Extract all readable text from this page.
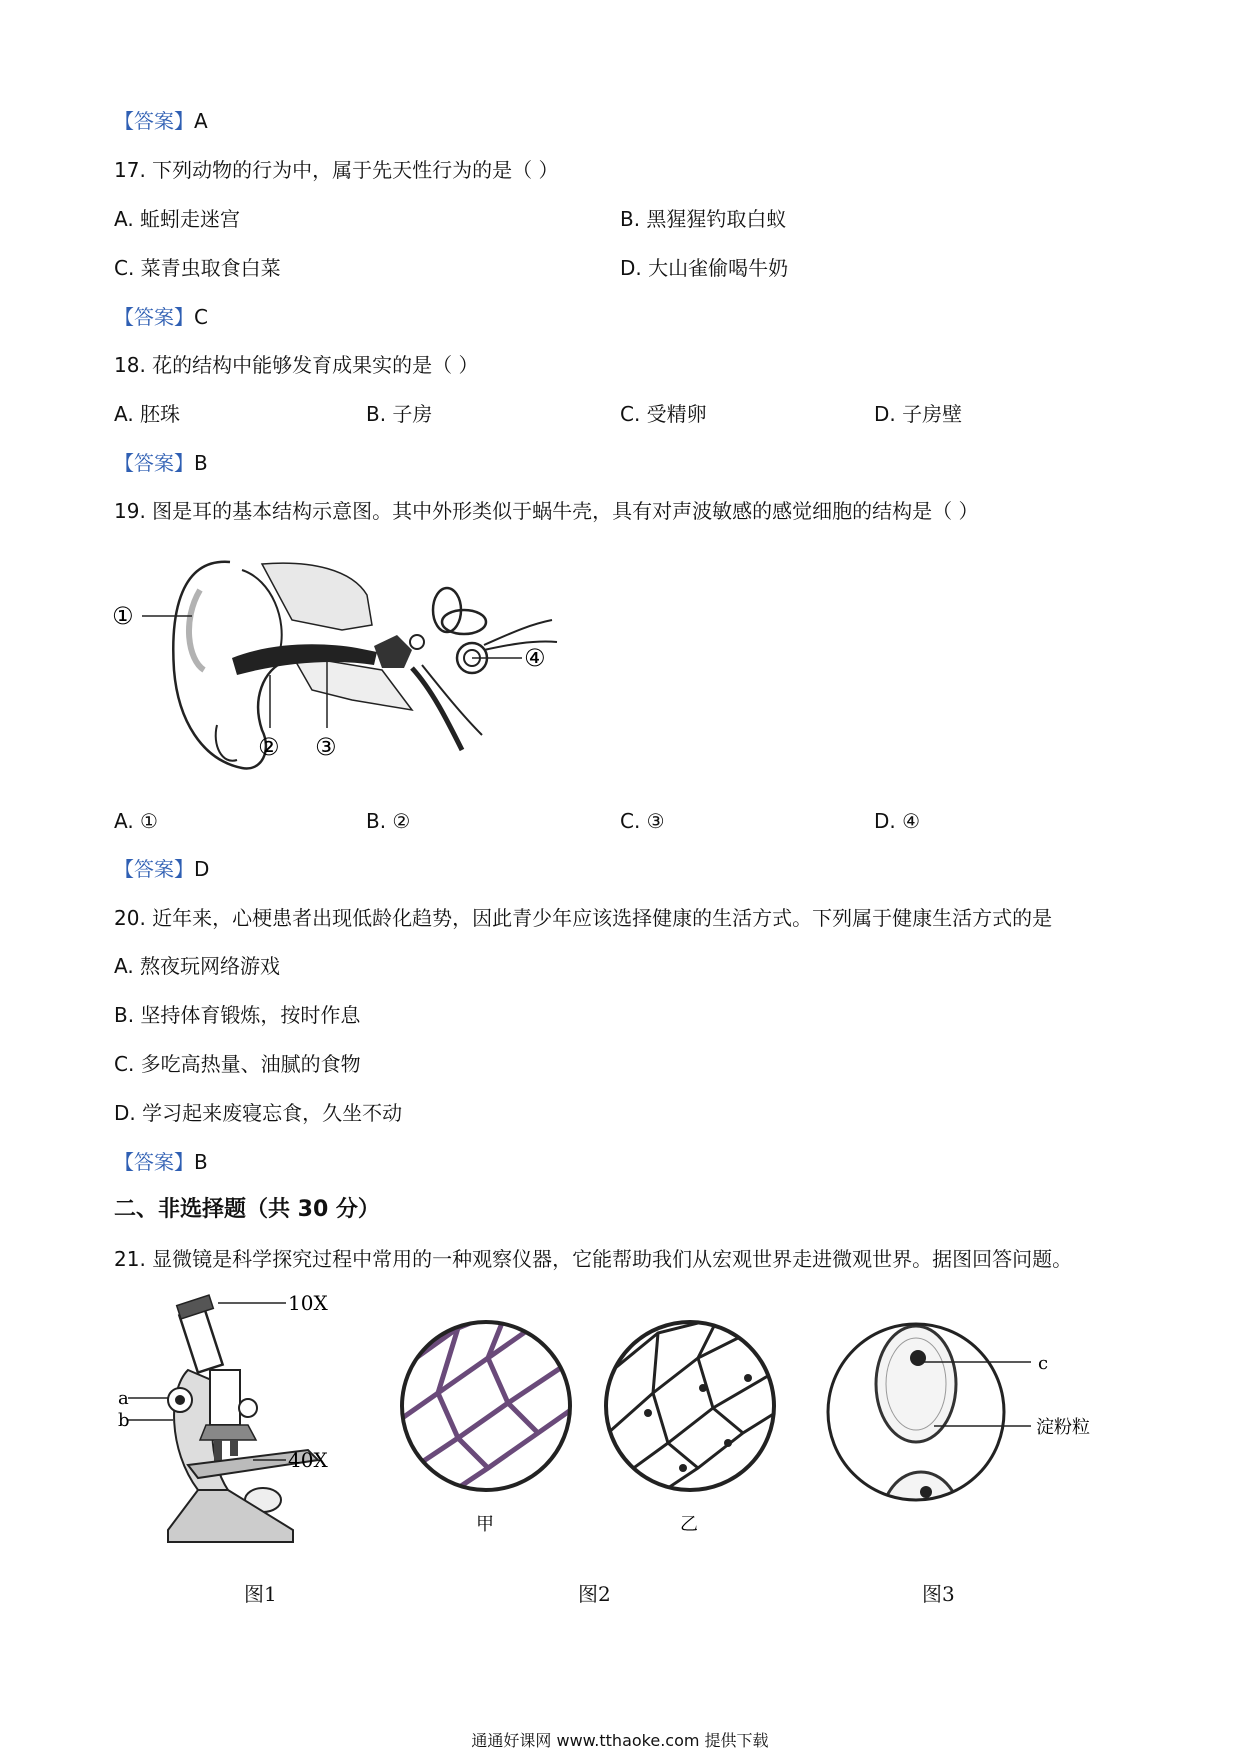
【答案】A
17. 下列动物的行为中，属于先天性行为的是（ ）
A. 蚯蚓走迷宫	B. 黑猩猩钓取白蚁
C. 菜青虫取食白菜	D. 大山雀偷喝牛奶
【答案】C
18. 花的结构中能够发育成果实的是（ ）
A. 胚珠	B. 子房	C. 受精卵	D. 子房壁
【答案】B
19. 图是耳的基本结构示意图。其中外形类似于蜗牛壳，具有对声波敏感的感觉细胞的结构是（ ）
①
④
② ③
A. ①	B. ②	C. ③	D. ④
【答案】D
20. 近年来，心梗患者出现低龄化趋势，因此青少年应该选择健康的生活方式。下列属于健康生活方式的是
A. 熬夜玩网络游戏
B. 坚持体育锻炼，按时作息
C. 多吃高热量、油腻的食物
D. 学习起来废寝忘食，久坐不动
【答案】B
二、非选择题（共 30 分）
21. 显微镜是科学探究过程中常用的一种观察仪器，它能帮助我们从宏观世界走进微观世界。据图回答问题。
10X
40X
a
b
图1
甲	乙
图2
c
淀粉粒
图3
通通好课网 www.tthaoke.com 提供下载
